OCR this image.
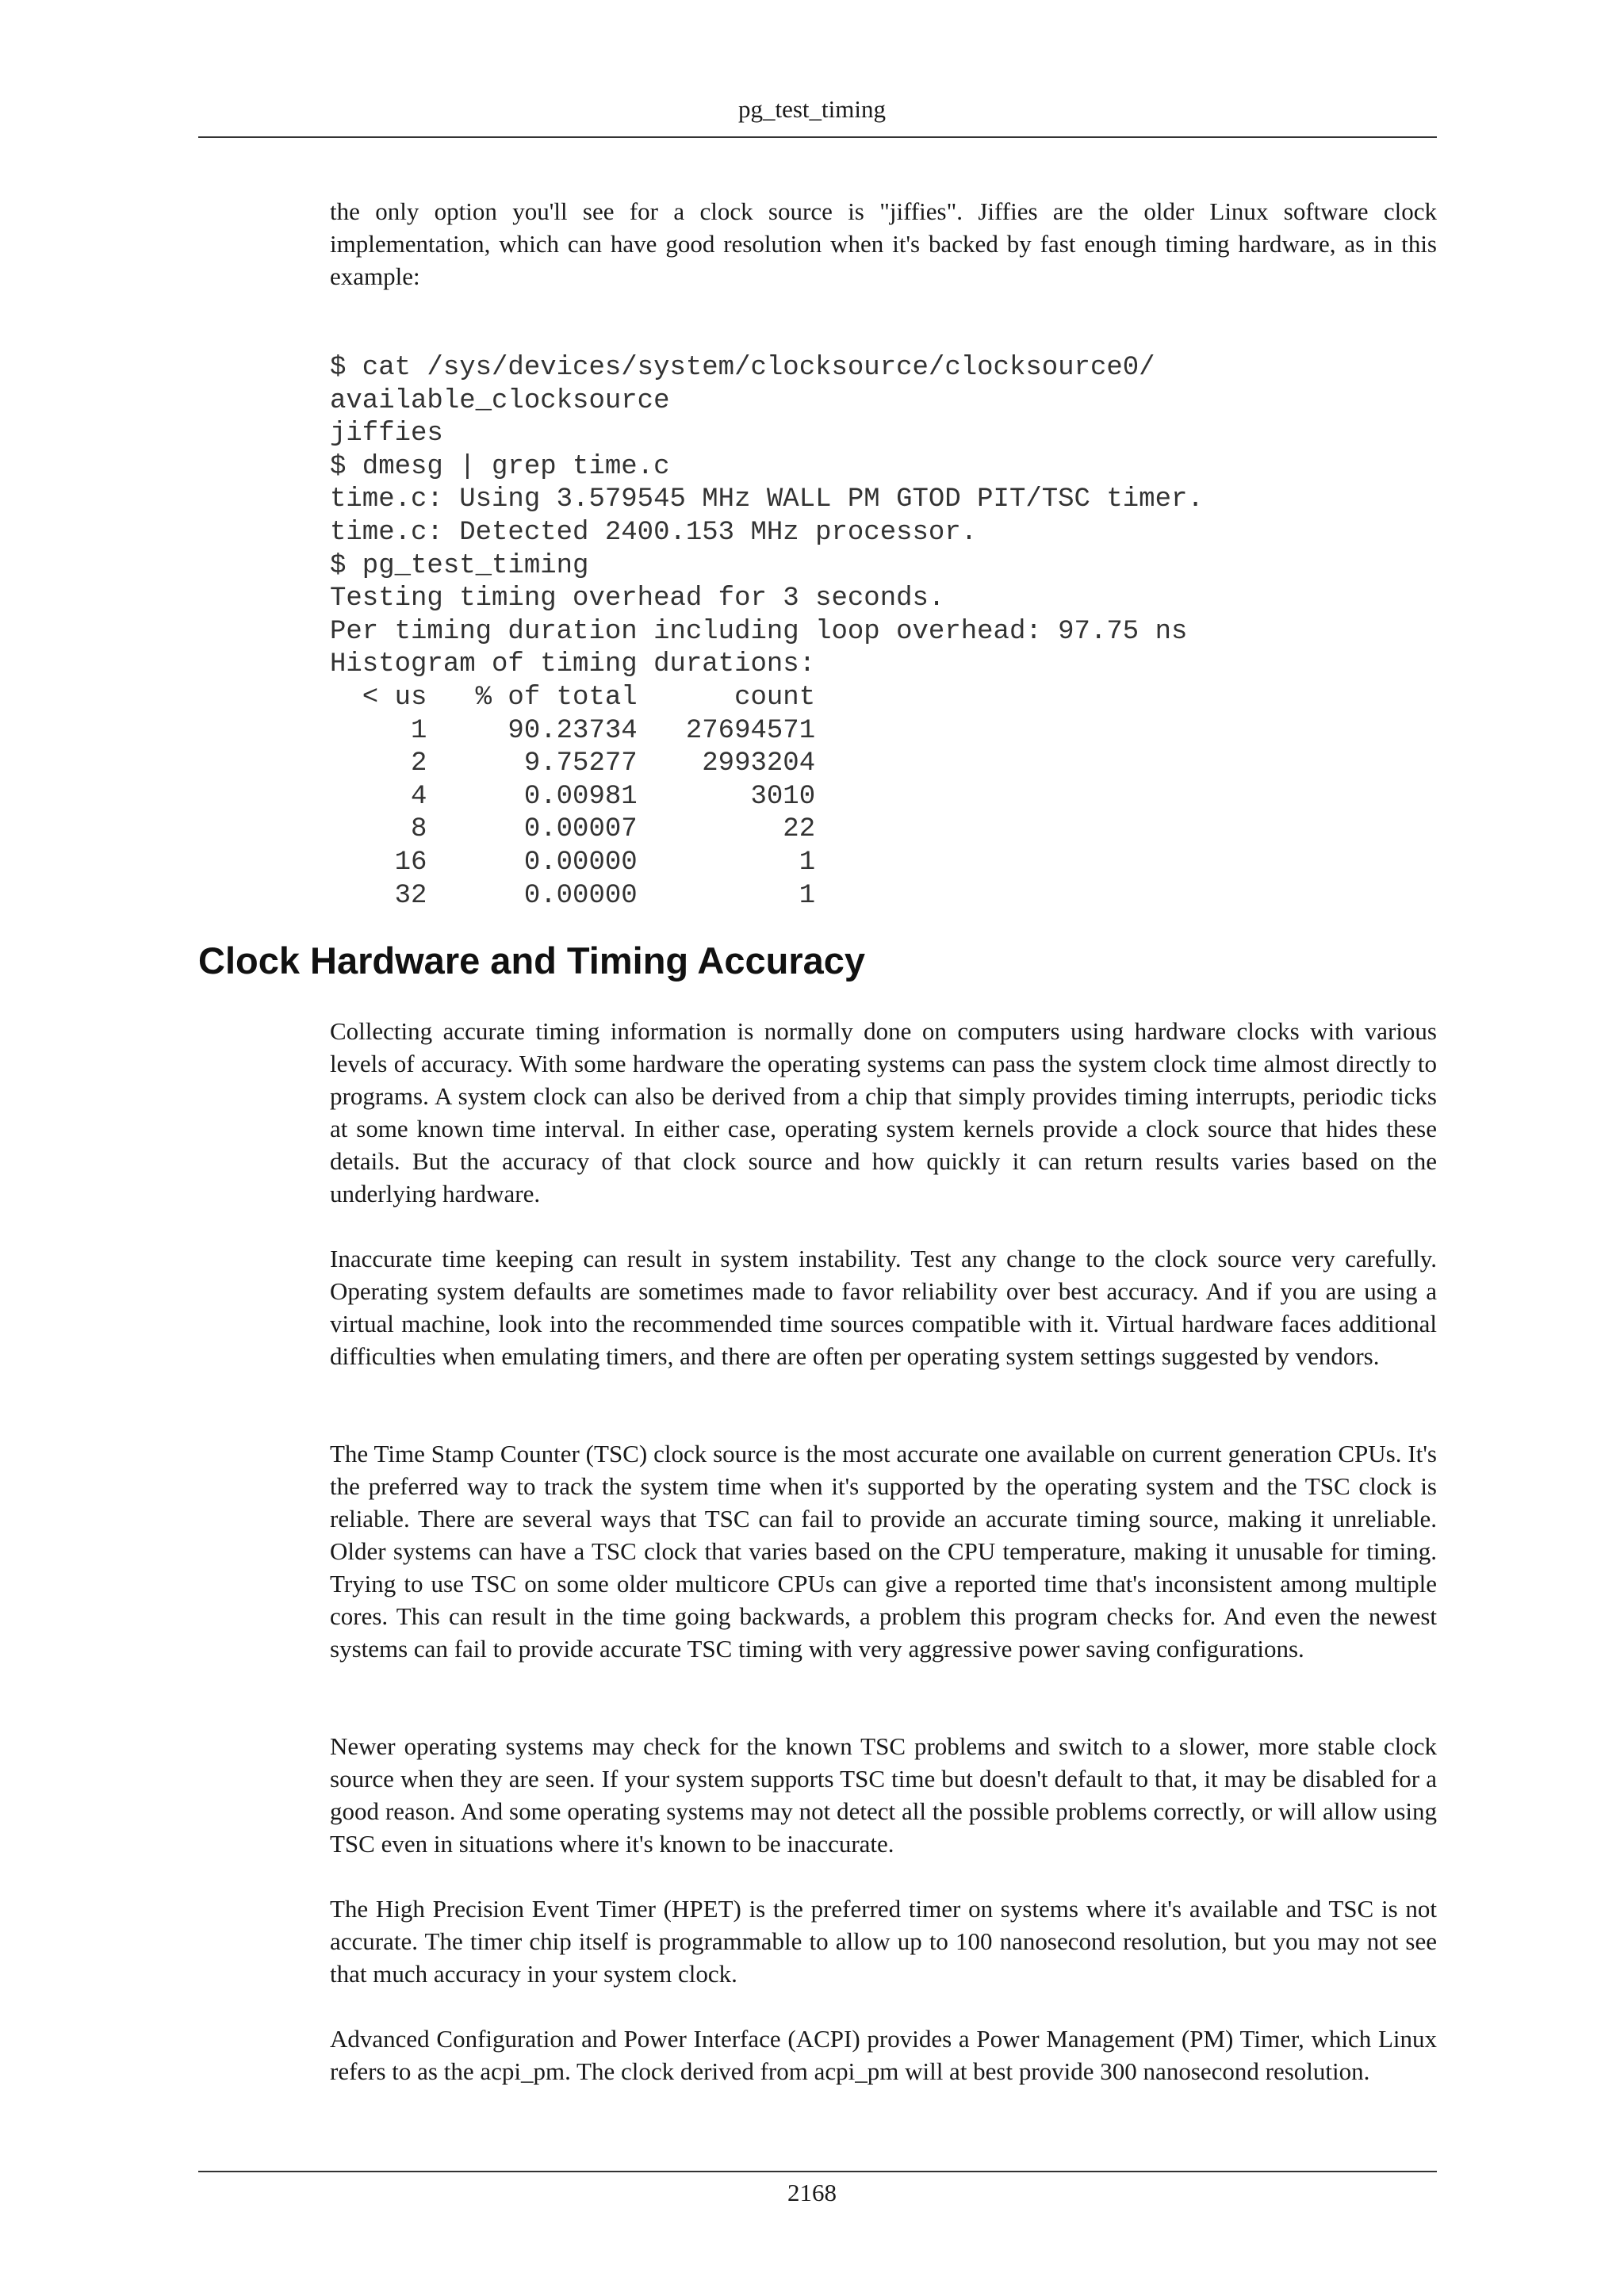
pg_test_timing

the only option you'll see for a clock source is "jiffies". Jiffies are the older Linux software clock implementation, which can have good resolution when it's backed by fast enough timing hardware, as in this example:

$ cat /sys/devices/system/clocksource/clocksource0/
available_clocksource
jiffies
$ dmesg | grep time.c
time.c: Using 3.579545 MHz WALL PM GTOD PIT/TSC timer.
time.c: Detected 2400.153 MHz processor.
$ pg_test_timing
Testing timing overhead for 3 seconds.
Per timing duration including loop overhead: 97.75 ns
Histogram of timing durations:
< us   % of total      count
1     90.23734   27694571
2      9.75277    2993204
4      0.00981       3010
8      0.00007         22
16      0.00000          1
32      0.00000          1
Clock Hardware and Timing Accuracy

Collecting accurate timing information is normally done on computers using hardware clocks with various levels of accuracy. With some hardware the operating systems can pass the system clock time almost directly to programs. A system clock can also be derived from a chip that simply provides timing interrupts, periodic ticks at some known time interval. In either case, operating system kernels provide a clock source that hides these details. But the accuracy of that clock source and how quickly it can return results varies based on the underlying hardware.

Inaccurate time keeping can result in system instability. Test any change to the clock source very carefully. Operating system defaults are sometimes made to favor reliability over best accuracy. And if you are using a virtual machine, look into the recommended time sources compatible with it. Virtual hardware faces additional difficulties when emulating timers, and there are often per operating system settings suggested by vendors.

The Time Stamp Counter (TSC) clock source is the most accurate one available on current generation CPUs. It's the preferred way to track the system time when it's supported by the operating system and the TSC clock is reliable. There are several ways that TSC can fail to provide an accurate timing source, making it unreliable. Older systems can have a TSC clock that varies based on the CPU temperature, making it unusable for timing. Trying to use TSC on some older multicore CPUs can give a reported time that's inconsistent among multiple cores. This can result in the time going backwards, a problem this program checks for. And even the newest systems can fail to provide accurate TSC timing with very aggressive power saving configurations.

Newer operating systems may check for the known TSC problems and switch to a slower, more stable clock source when they are seen. If your system supports TSC time but doesn't default to that, it may be disabled for a good reason. And some operating systems may not detect all the possible problems correctly, or will allow using TSC even in situations where it's known to be inaccurate.

The High Precision Event Timer (HPET) is the preferred timer on systems where it's available and TSC is not accurate. The timer chip itself is programmable to allow up to 100 nanosecond resolution, but you may not see that much accuracy in your system clock.

Advanced Configuration and Power Interface (ACPI) provides a Power Management (PM) Timer, which Linux refers to as the acpi_pm. The clock derived from acpi_pm will at best provide 300 nanosecond resolution.

2168
